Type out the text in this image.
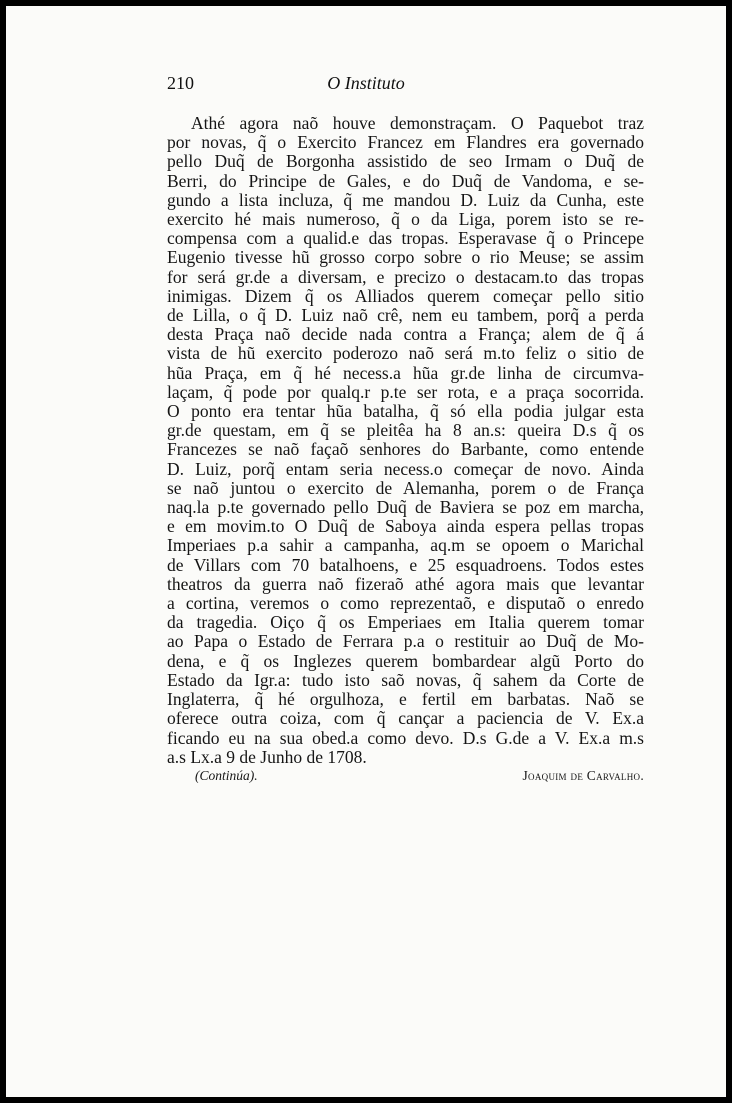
210	O Instituto
Athé agora naõ houve demonstraçam. O Paquebot traz
por novas, q̃ o Exercito Francez em Flandres era governado
pello Duq̃ de Borgonha assistido de seo Irmam o Duq̃ de
Berri, do Principe de Gales, e do Duq̃ de Vandoma, e se-
gundo a lista incluza, q̃ me mandou D. Luiz da Cunha, este
exercito hé mais numeroso, q̃ o da Liga, porem isto se re-
compensa com a qualid.e das tropas. Esperavase q̃ o Princepe
Eugenio tivesse hũ grosso corpo sobre o rio Meuse; se assim
for será gr.de a diversam, e precizo o destacam.to das tropas
inimigas. Dizem q̃ os Alliados querem começar pello sitio
de Lilla, o q̃ D. Luiz naõ crê, nem eu tambem, porq̃ a perda
desta Praça naõ decide nada contra a França; alem de q̃ á
vista de hũ exercito poderozo naõ será m.to feliz o sitio de
hũa Praça, em q̃ hé necess.a hũa gr.de linha de circumva-
laçam, q̃ pode por qualq.r p.te ser rota, e a praça socorrida.
O ponto era tentar hũa batalha, q̃ só ella podia julgar esta
gr.de questam, em q̃ se pleitêa ha 8 an.s: queira D.s q̃ os
Francezes se naõ façaõ senhores do Barbante, como entende
D. Luiz, porq̃ entam seria necess.o começar de novo. Ainda
se naõ juntou o exercito de Alemanha, porem o de França
naq.la p.te governado pello Duq̃ de Baviera se poz em marcha,
e em movim.to O Duq̃ de Saboya ainda espera pellas tropas
Imperiaes p.a sahir a campanha, aq.m se opoem o Marichal
de Villars com 70 batalhoens, e 25 esquadroens. Todos estes
theatros da guerra naõ fizeraõ athé agora mais que levantar
a cortina, veremos o como reprezentaõ, e disputaõ o enredo
da tragedia. Oiço q̃ os Emperiaes em Italia querem tomar
ao Papa o Estado de Ferrara p.a o restituir ao Duq̃ de Mo-
dena, e q̃ os Inglezes querem bombardear algũ Porto do
Estado da Igr.a: tudo isto saõ novas, q̃ sahem da Corte de
Inglaterra, q̃ hé orgulhoza, e fertil em barbatas. Naõ se
oferece outra coiza, com q̃ cançar a paciencia de V. Ex.a
ficando eu na sua obed.a como devo. D.s G.de a V. Ex.a m.s
a.s Lx.a 9 de Junho de 1708.
(Continúa).	Joaquim de Carvalho.
